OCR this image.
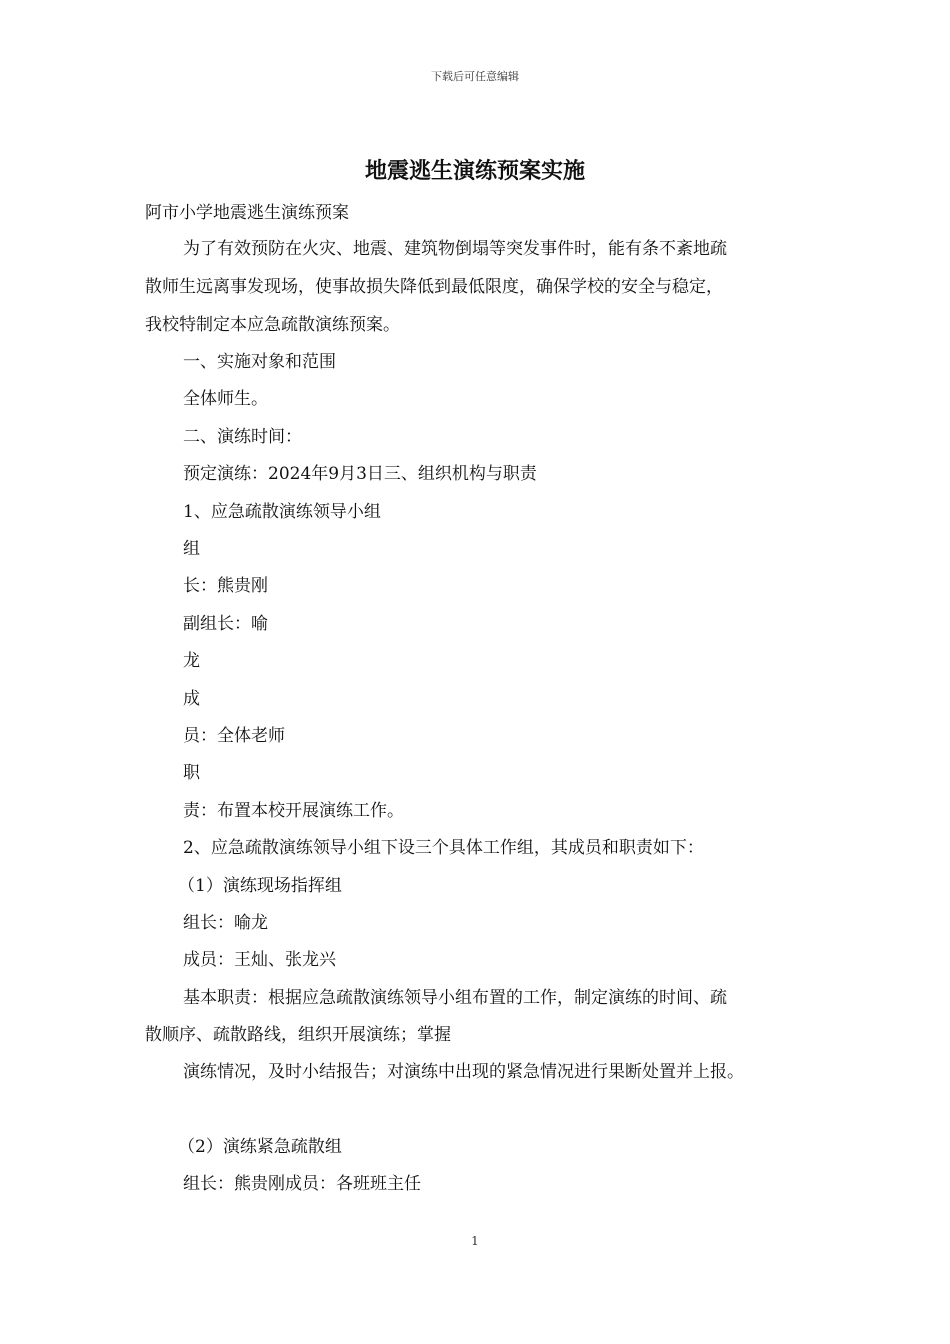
下载后可任意编辑
地震逃生演练预案实施
阿市小学地震逃生演练预案
为了有效预防在火灾、地震、建筑物倒塌等突发事件时，能有条不紊地疏
散师生远离事发现场，使事故损失降低到最低限度，确保学校的安全与稳定，
我校特制定本应急疏散演练预案。
一、实施对象和范围
全体师生。
二、演练时间：
预定演练：2024年9月3日三、组织机构与职责
1、应急疏散演练领导小组
组
长：熊贵刚
副组长：喻
龙
成
员：全体老师
职
责：布置本校开展演练工作。
2、应急疏散演练领导小组下设三个具体工作组，其成员和职责如下：
（1）演练现场指挥组
组长：喻龙
成员：王灿、张龙兴
基本职责：根据应急疏散演练领导小组布置的工作，制定演练的时间、疏
散顺序、疏散路线，组织开展演练；掌握
演练情况，及时小结报告；对演练中出现的紧急情况进行果断处置并上报。
（2）演练紧急疏散组
组长：熊贵刚成员：各班班主任
1
